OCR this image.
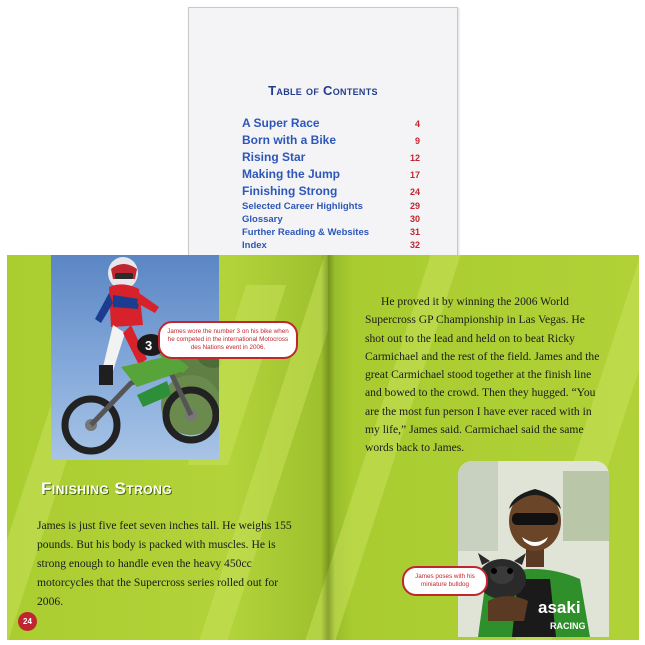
Table of Contents
A Super Race	4
Born with a Bike	9
Rising Star	12
Making the Jump	17
Finishing Strong	24
Selected Career Highlights	29
Glossary	30
Further Reading & Websites	31
Index	32
3
James wore the number 3 on his bike when he competed in the international Motocross des Nations event in 2006.
Finishing Strong
James is just five feet seven inches tall. He weighs 155 pounds. But his body is packed with muscles. He is strong enough to handle even the heavy 450cc motorcycles that the Supercross series rolled out for 2006.
24
He proved it by winning the 2006 World Supercross GP Championship in Las Vegas. He shot out to the lead and held on to beat Ricky Carmichael and the rest of the field. James and the great Carmichael stood together at the finish line and bowed to the crowd. Then they hugged. “You are the most fun person I have ever raced with in my life,” James said. Carmichael said the same words back to James.
asaki
RACING
James poses with his miniature bulldog
